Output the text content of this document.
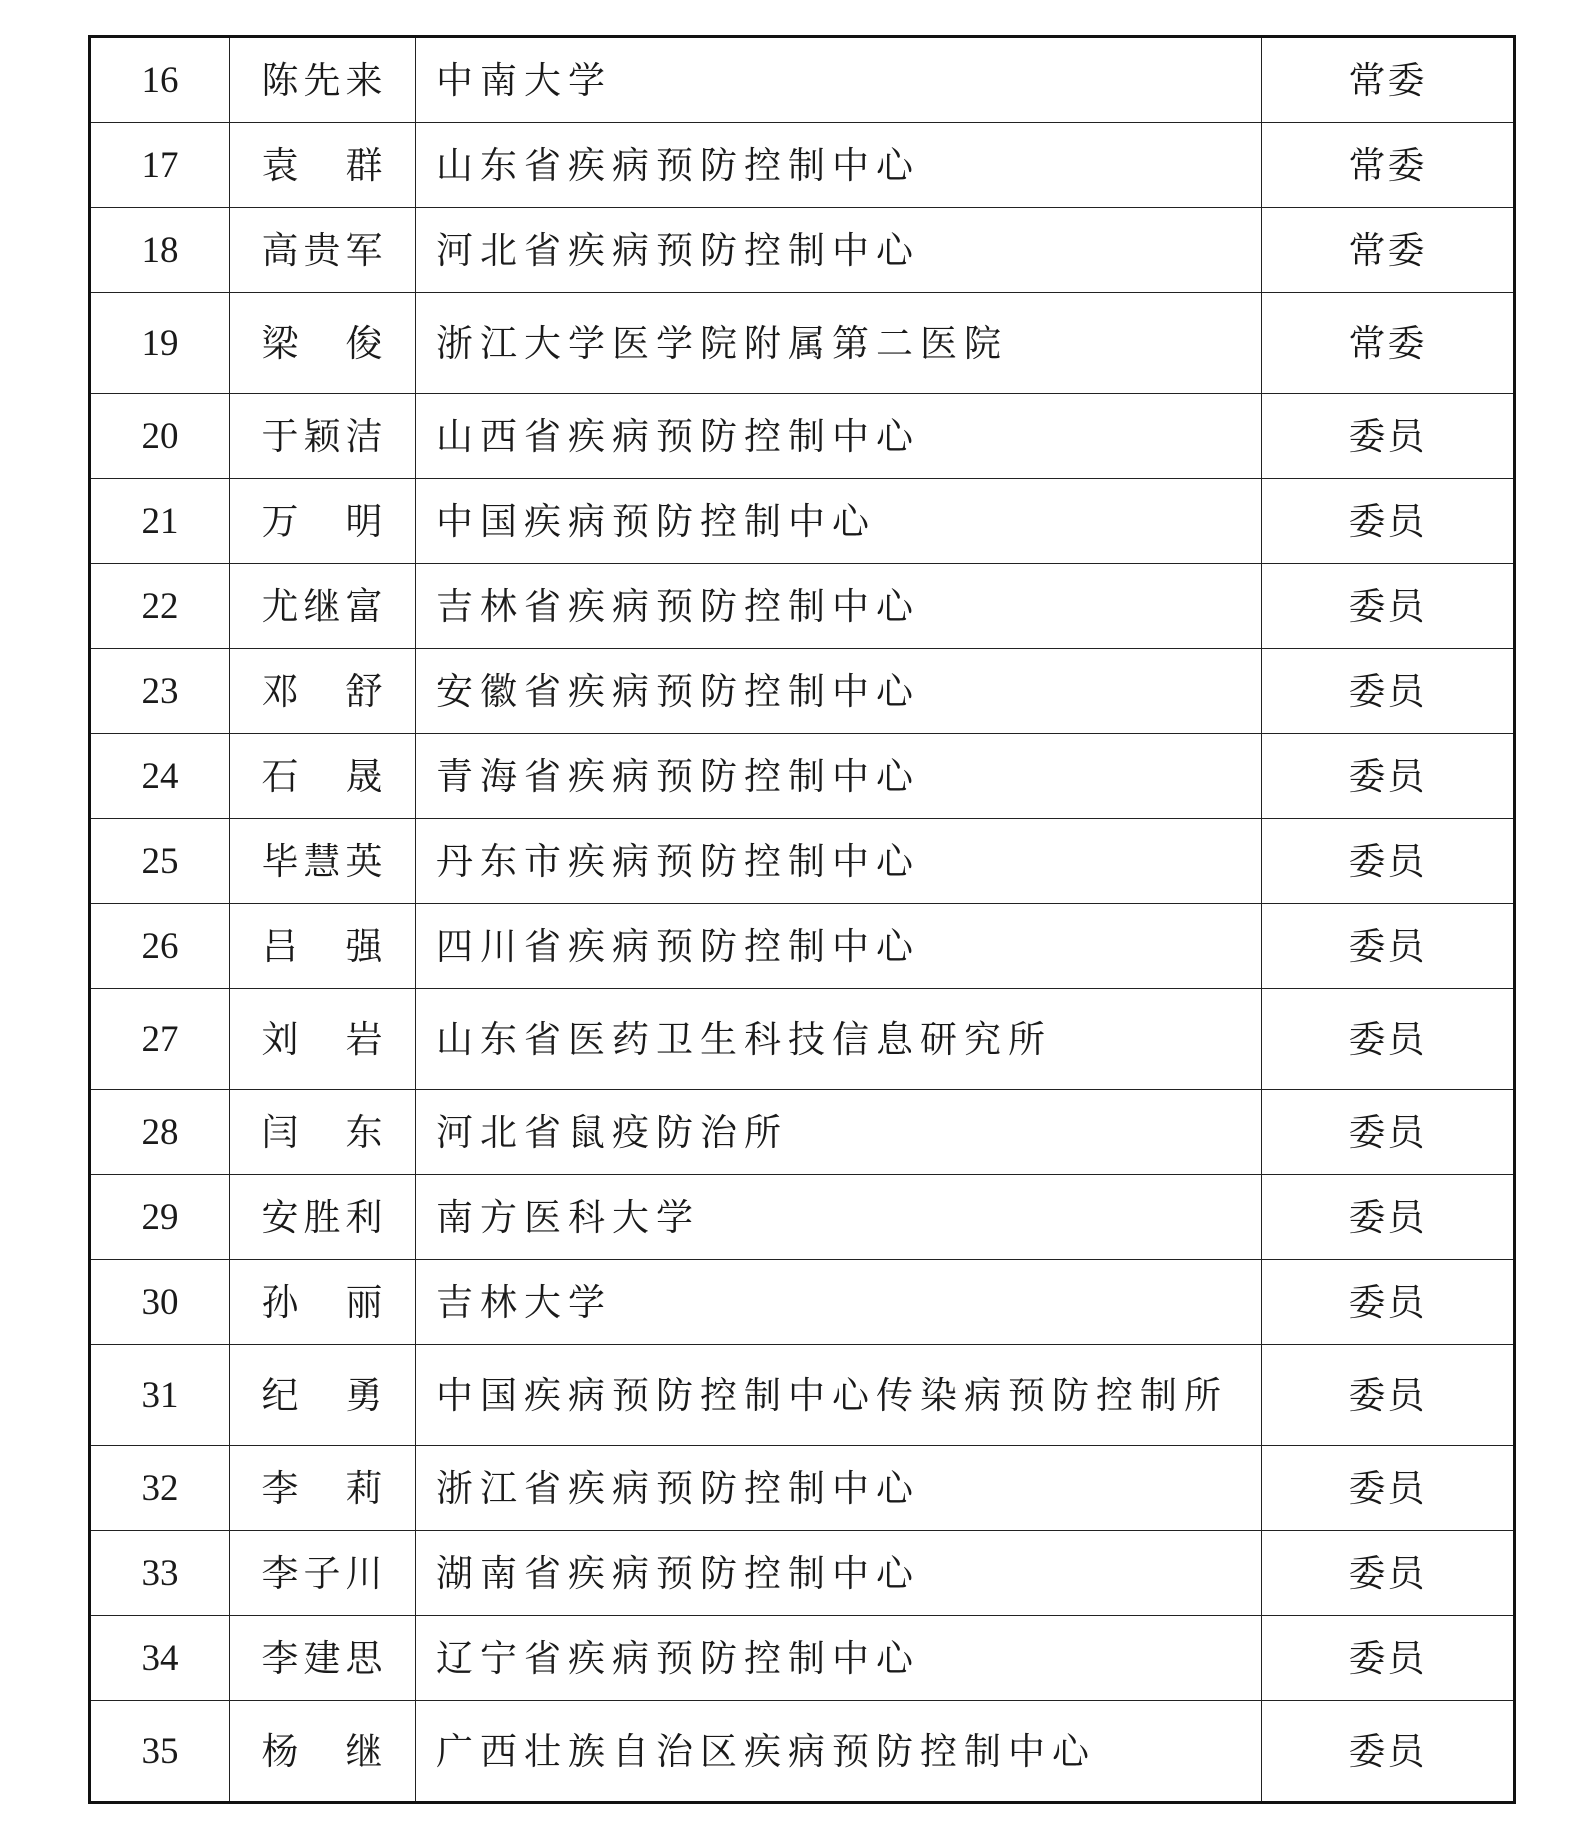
16	陈先来	中南大学	常委
17	袁　群	山东省疾病预防控制中心	常委
18	高贵军	河北省疾病预防控制中心	常委
19	梁　俊	浙江大学医学院附属第二医院	常委
20	于颖洁	山西省疾病预防控制中心	委员
21	万　明	中国疾病预防控制中心	委员
22	尤继富	吉林省疾病预防控制中心	委员
23	邓　舒	安徽省疾病预防控制中心	委员
24	石　晟	青海省疾病预防控制中心	委员
25	毕慧英	丹东市疾病预防控制中心	委员
26	吕　强	四川省疾病预防控制中心	委员
27	刘　岩	山东省医药卫生科技信息研究所	委员
28	闫　东	河北省鼠疫防治所	委员
29	安胜利	南方医科大学	委员
30	孙　丽	吉林大学	委员
31	纪　勇	中国疾病预防控制中心传染病预防控制所	委员
32	李　莉	浙江省疾病预防控制中心	委员
33	李子川	湖南省疾病预防控制中心	委员
34	李建思	辽宁省疾病预防控制中心	委员
35	杨　继	广西壮族自治区疾病预防控制中心	委员
